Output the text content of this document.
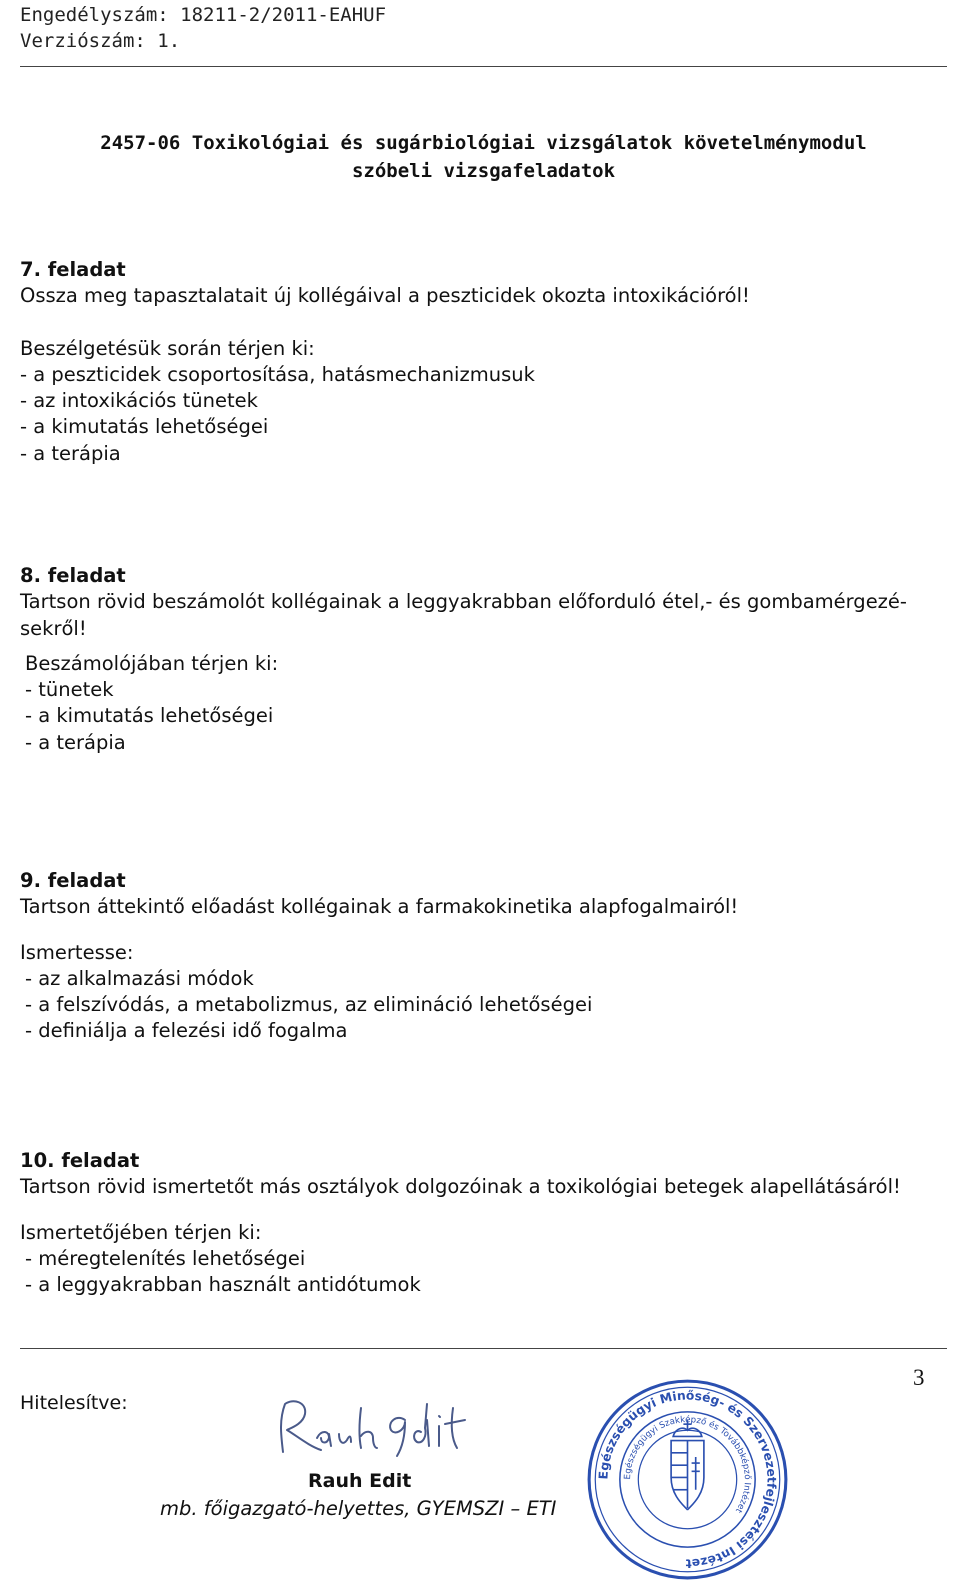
Engedélyszám: 18211-2/2011-EAHUF
Verziószám: 1.
2457-06 Toxikológiai és sugárbiológiai vizsgálatok követelménymodul
szóbeli vizsgafeladatok
7. feladat
Ossza meg tapasztalatait új kollégáival a peszticidek okozta intoxikációról!
Beszélgetésük során térjen ki:
- a peszticidek csoportosítása, hatásmechanizmusuk
- az intoxikációs tünetek
- a kimutatás lehetőségei
- a terápia
8. feladat
Tartson rövid beszámolót kollégainak a leggyakrabban előforduló étel,- és gombamérgezé-
sekről!
Beszámolójában térjen ki:
- tünetek
- a kimutatás lehetőségei
- a terápia
9. feladat
Tartson áttekintő előadást kollégainak a farmakokinetika alapfogalmairól!
Ismertesse:
- az alkalmazási módok
- a felszívódás, a metabolizmus, az elimináció lehetőségei
- definiálja a felezési idő fogalma
10. feladat
Tartson rövid ismertetőt más osztályok dolgozóinak a toxikológiai betegek alapellátásáról!
Ismertetőjében térjen ki:
- méregtelenítés lehetőségei
- a leggyakrabban használt antidótumok
3
Hitelesítve:
Rauh Edit
mb. főigazgató-helyettes, GYEMSZI – ETI
Egészségügyi Minőség- és Szervezetfejlesztési Intézet
Egészségügyi Szakképző és Továbbképző Intézet
